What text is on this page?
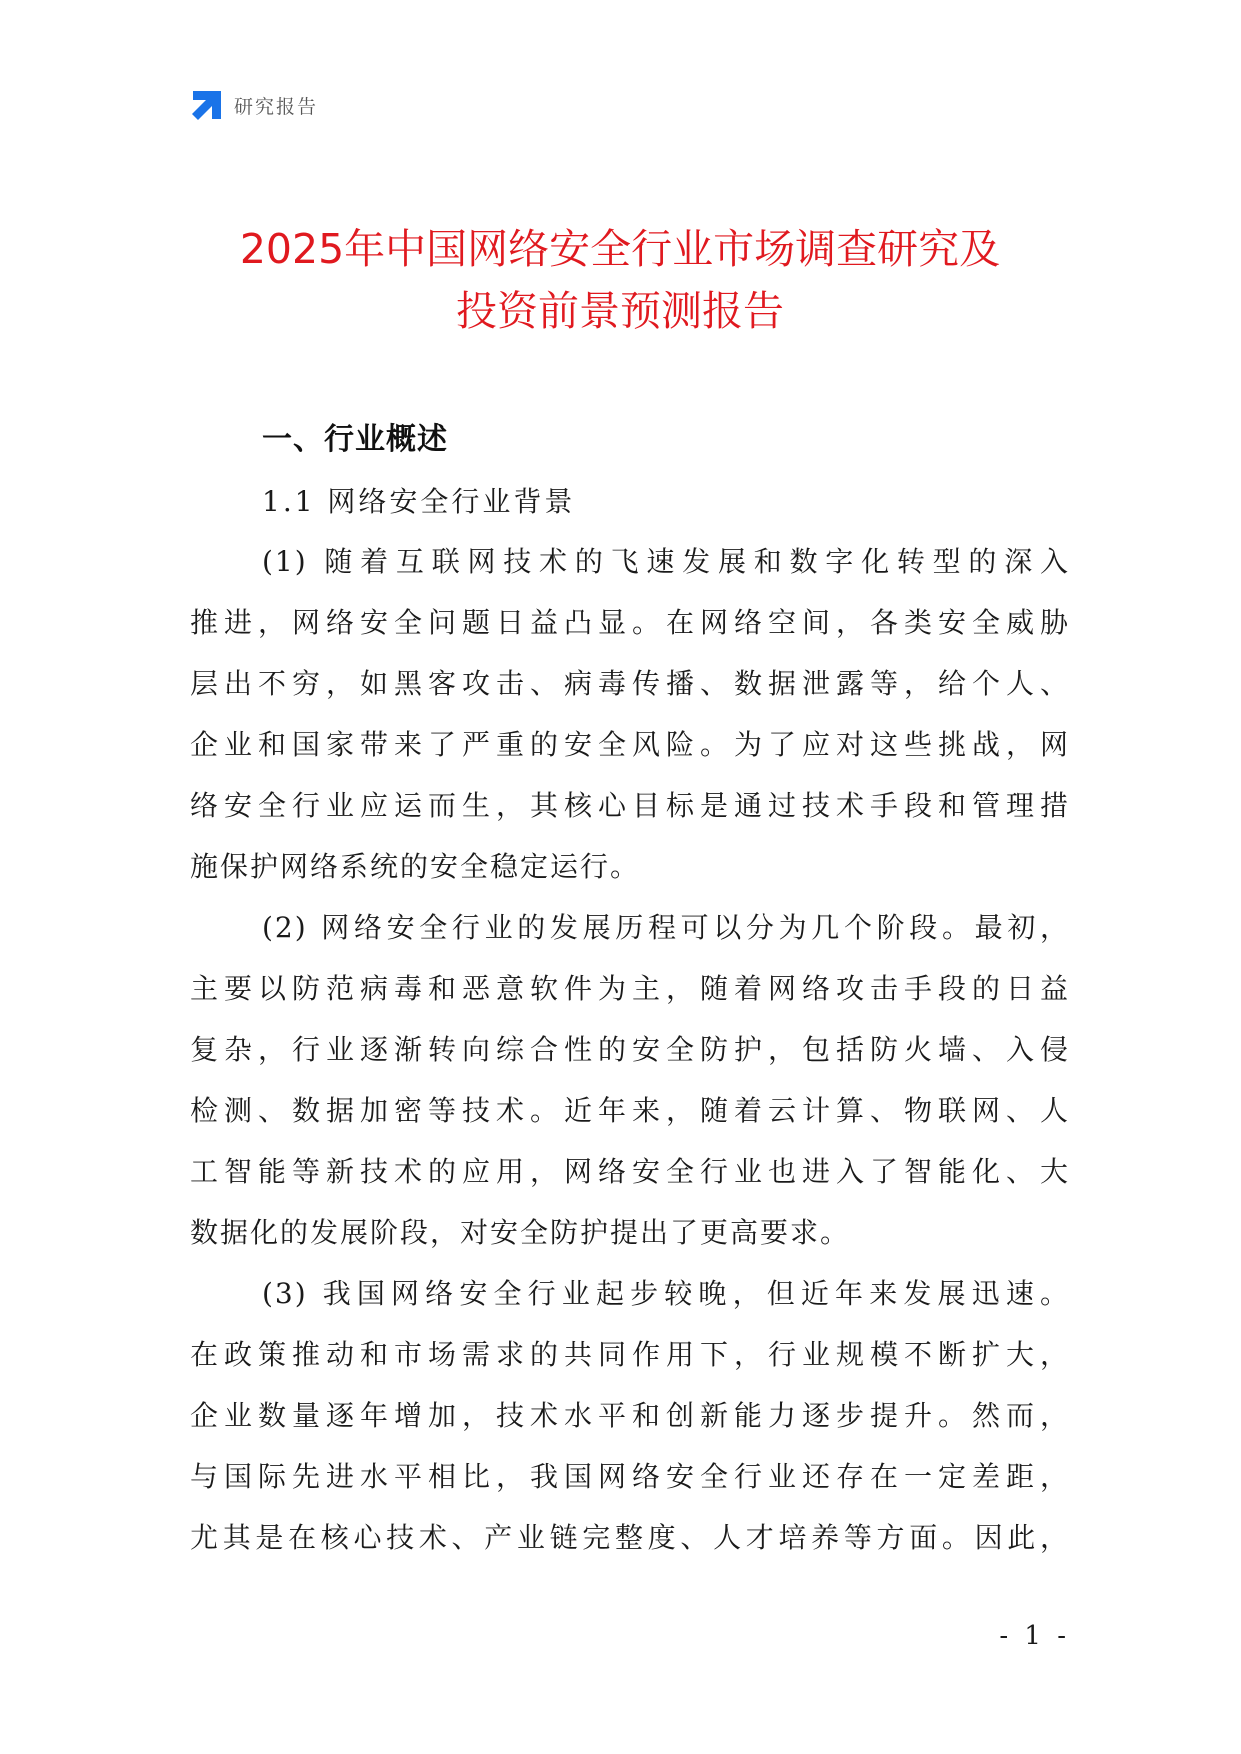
研究报告
2025年中国网络安全行业市场调查研究及
投资前景预测报告
一、行业概述
1.1 网络安全行业背景
(1) 随着互联网技术的飞速发展和数字化转型的深入
推进，网络安全问题日益凸显。在网络空间，各类安全威胁
层出不穷，如黑客攻击、病毒传播、数据泄露等，给个人、
企业和国家带来了严重的安全风险。为了应对这些挑战，网
络安全行业应运而生，其核心目标是通过技术手段和管理措
施保护网络系统的安全稳定运行。
(2) 网络安全行业的发展历程可以分为几个阶段。最初，
主要以防范病毒和恶意软件为主，随着网络攻击手段的日益
复杂，行业逐渐转向综合性的安全防护，包括防火墙、入侵
检测、数据加密等技术。近年来，随着云计算、物联网、人
工智能等新技术的应用，网络安全行业也进入了智能化、大
数据化的发展阶段，对安全防护提出了更高要求。
(3) 我国网络安全行业起步较晚，但近年来发展迅速。
在政策推动和市场需求的共同作用下，行业规模不断扩大，
企业数量逐年增加，技术水平和创新能力逐步提升。然而，
与国际先进水平相比，我国网络安全行业还存在一定差距，
尤其是在核心技术、产业链完整度、人才培养等方面。因此，
- 1 -
